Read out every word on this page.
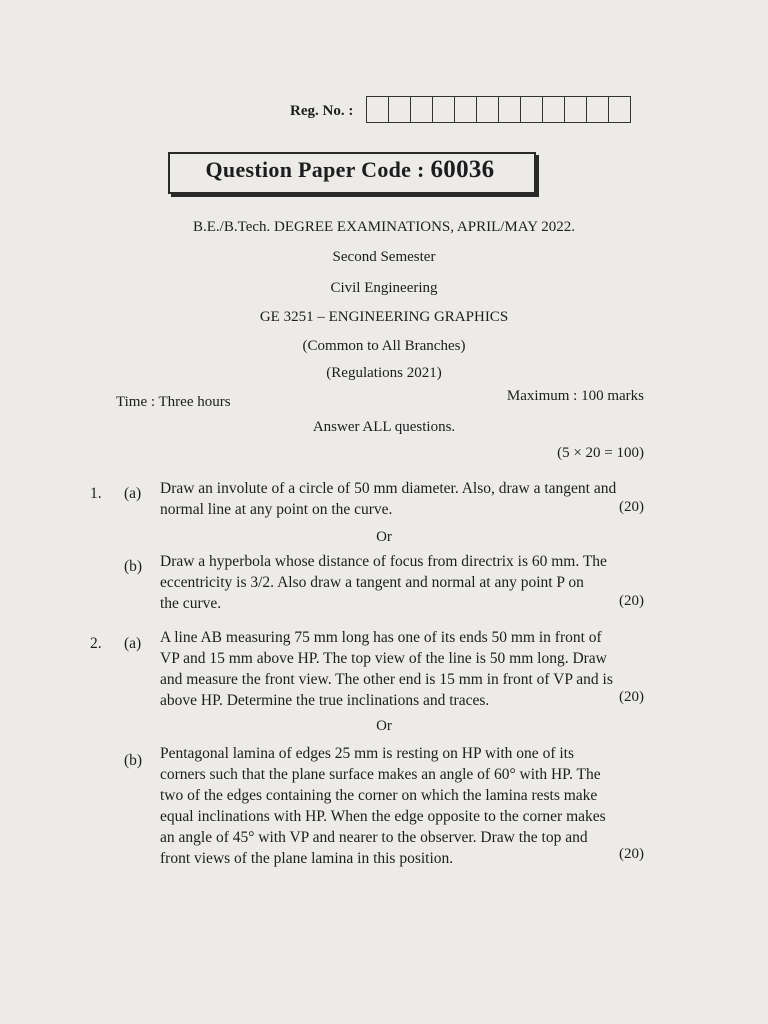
Reg. No. :
Question Paper Code : 60036
B.E./B.Tech. DEGREE EXAMINATIONS, APRIL/MAY 2022.
Second Semester
Civil Engineering
GE 3251 – ENGINEERING GRAPHICS
(Common to All Branches)
(Regulations 2021)
Time : Three hours	Maximum : 100 marks
Answer ALL questions.
(5 × 20 = 100)
1.	(a)	Draw an involute of a circle of 50 mm diameter. Also, draw a tangent and
normal line at any point on the curve.	(20)
Or
(b)	Draw a hyperbola whose distance of focus from directrix is 60 mm. The
eccentricity is 3/2. Also draw a tangent and normal at any point P on
the curve.	(20)
2.	(a)	A line AB measuring 75 mm long has one of its ends 50 mm in front of
VP and 15 mm above HP. The top view of the line is 50 mm long. Draw
and measure the front view. The other end is 15 mm in front of VP and is
above HP. Determine the true inclinations and traces.	(20)
Or
(b)	Pentagonal lamina of edges 25 mm is resting on HP with one of its
corners such that the plane surface makes an angle of 60° with HP. The
two of the edges containing the corner on which the lamina rests make
equal inclinations with HP. When the edge opposite to the corner makes
an angle of 45° with VP and nearer to the observer. Draw the top and
front views of the plane lamina in this position.	(20)
